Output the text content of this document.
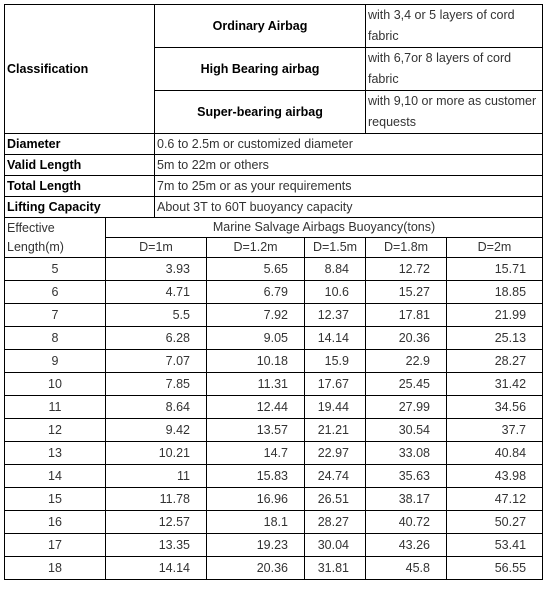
Classification		Ordinary Airbag			with 3,4 or 5 layers of cord fabric	
		High Bearing airbag			with 6,7or 8 layers of cord fabric	
		Super-bearing airbag			with 9,10 or more as customer requests	
Diameter		0.6 to 2.5m or customized diameter				
Valid Length		5m to 22m or others				
Total Length		7m to 25m or as your requirements				
Lifting Capacity		About 3T to 60T buoyancy capacity				
Effective Length(m)	Marine Salvage Airbags Buoyancy(tons)					
	D=1m		D=1.2m	D=1.5m	D=1.8m	D=2m
5	3.93		5.65	8.84	12.72	15.71
6	4.71		6.79	10.6	15.27	18.85
7	5.5		7.92	12.37	17.81	21.99
8	6.28		9.05	14.14	20.36	25.13
9	7.07		10.18	15.9	22.9	28.27
10	7.85		11.31	17.67	25.45	31.42
11	8.64		12.44	19.44	27.99	34.56
12	9.42		13.57	21.21	30.54	37.7
13	10.21		14.7	22.97	33.08	40.84
14	11		15.83	24.74	35.63	43.98
15	11.78		16.96	26.51	38.17	47.12
16	12.57		18.1	28.27	40.72	50.27
17	13.35		19.23	30.04	43.26	53.41
18	14.14		20.36	31.81	45.8	56.55
